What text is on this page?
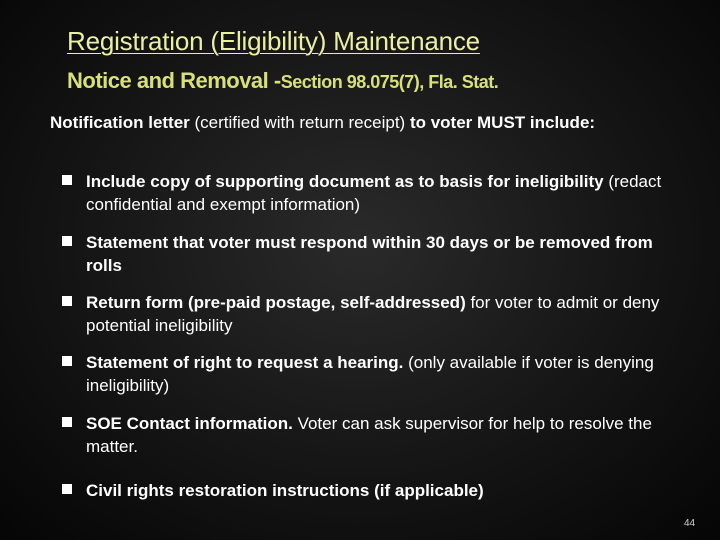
Registration (Eligibility) Maintenance
Notice and Removal -Section 98.075(7), Fla. Stat.
Notification letter (certified with return receipt) to voter MUST include:
Include copy of supporting document as to basis for ineligibility (redact confidential and exempt information)
Statement that voter must respond within 30 days or be removed from rolls
Return form (pre-paid postage, self-addressed) for voter to admit or deny potential ineligibility
Statement of right to request a hearing. (only available if voter is denying ineligibility)
SOE Contact information. Voter can ask supervisor for help to resolve the matter.
Civil rights restoration instructions (if applicable)
44
